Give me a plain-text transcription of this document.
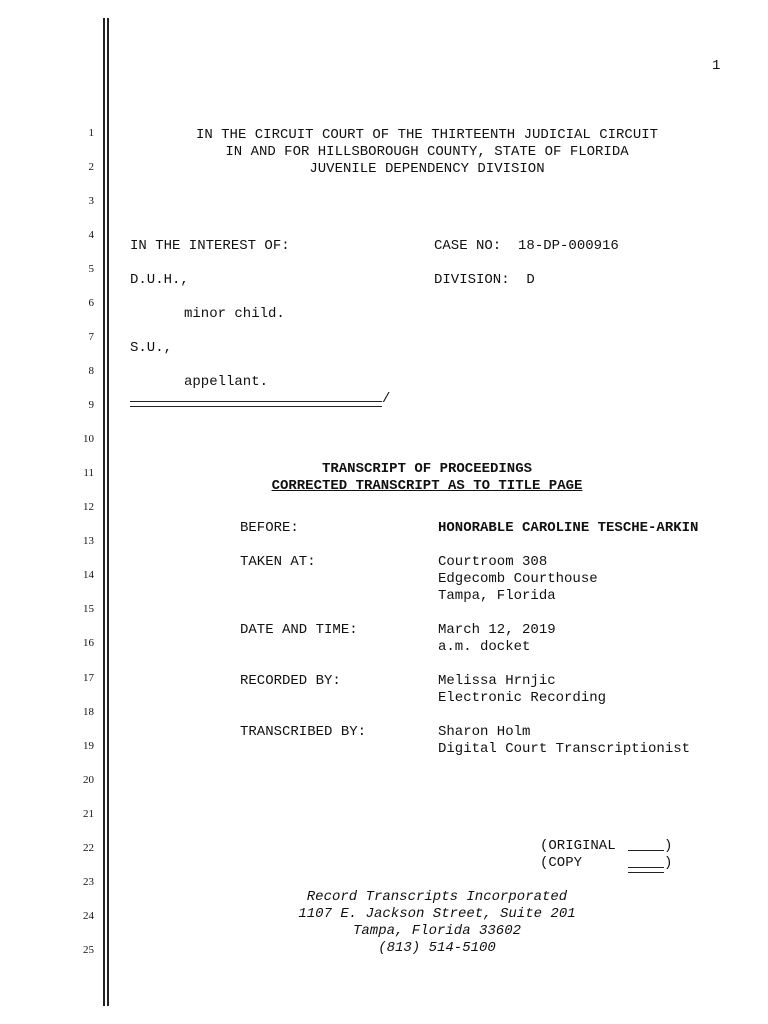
1
1
2
3
4
5
6
7
8
9
10
11
12
13
14
15
16
17
18
19
20
21
22
23
24
25
IN THE CIRCUIT COURT OF THE THIRTEENTH JUDICIAL CIRCUIT
IN AND FOR HILLSBOROUGH COUNTY, STATE OF FLORIDA
JUVENILE DEPENDENCY DIVISION
IN THE INTEREST OF:	CASE NO:  18-DP-000916
D.U.H.,	DIVISION:  D
minor child.
S.U.,
appellant.
/
TRANSCRIPT OF PROCEEDINGS
CORRECTED TRANSCRIPT AS TO TITLE PAGE
BEFORE:	HONORABLE CAROLINE TESCHE-ARKIN
TAKEN AT:	Courtroom 308
Edgecomb Courthouse
Tampa, Florida
DATE AND TIME:	March 12, 2019
a.m. docket
RECORDED BY:	Melissa Hrnjic
Electronic Recording
TRANSCRIBED BY:	Sharon Holm
Digital Court Transcriptionist
(ORIGINAL	)
(COPY	)
Record Transcripts Incorporated
1107 E. Jackson Street, Suite 201
Tampa, Florida 33602
(813) 514-5100
